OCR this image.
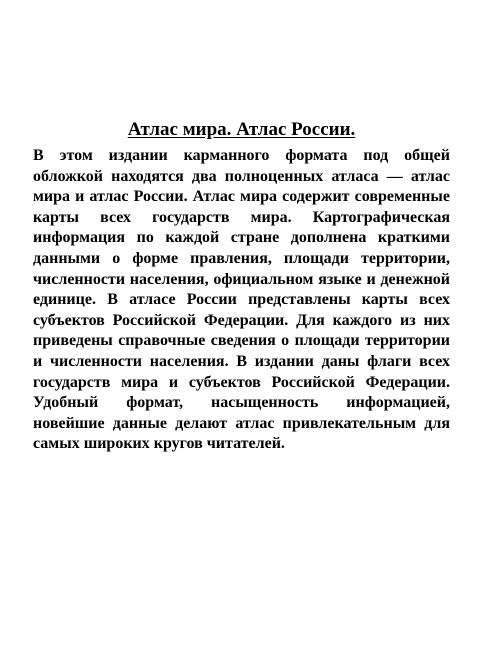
Атлас мира. Атлас России.

В этом издании карманного формата под общей обложкой находятся два полноценных атласа — атлас мира и атлас России. Атлас мира содержит современные карты всех государств мира. Картографическая информация по каждой стране дополнена краткими данными о форме правления, площади территории, численности населения, официальном языке и денежной единице. В атласе России представлены карты всех субъектов Российской Федерации. Для каждого из них приведены справочные сведения о площади территории и численности населения. В издании даны флаги всех государств мира и субъектов Российской Федерации. Удобный формат, насыщенность информацией, новейшие данные делают атлас привлекательным для самых широких кругов читателей.
